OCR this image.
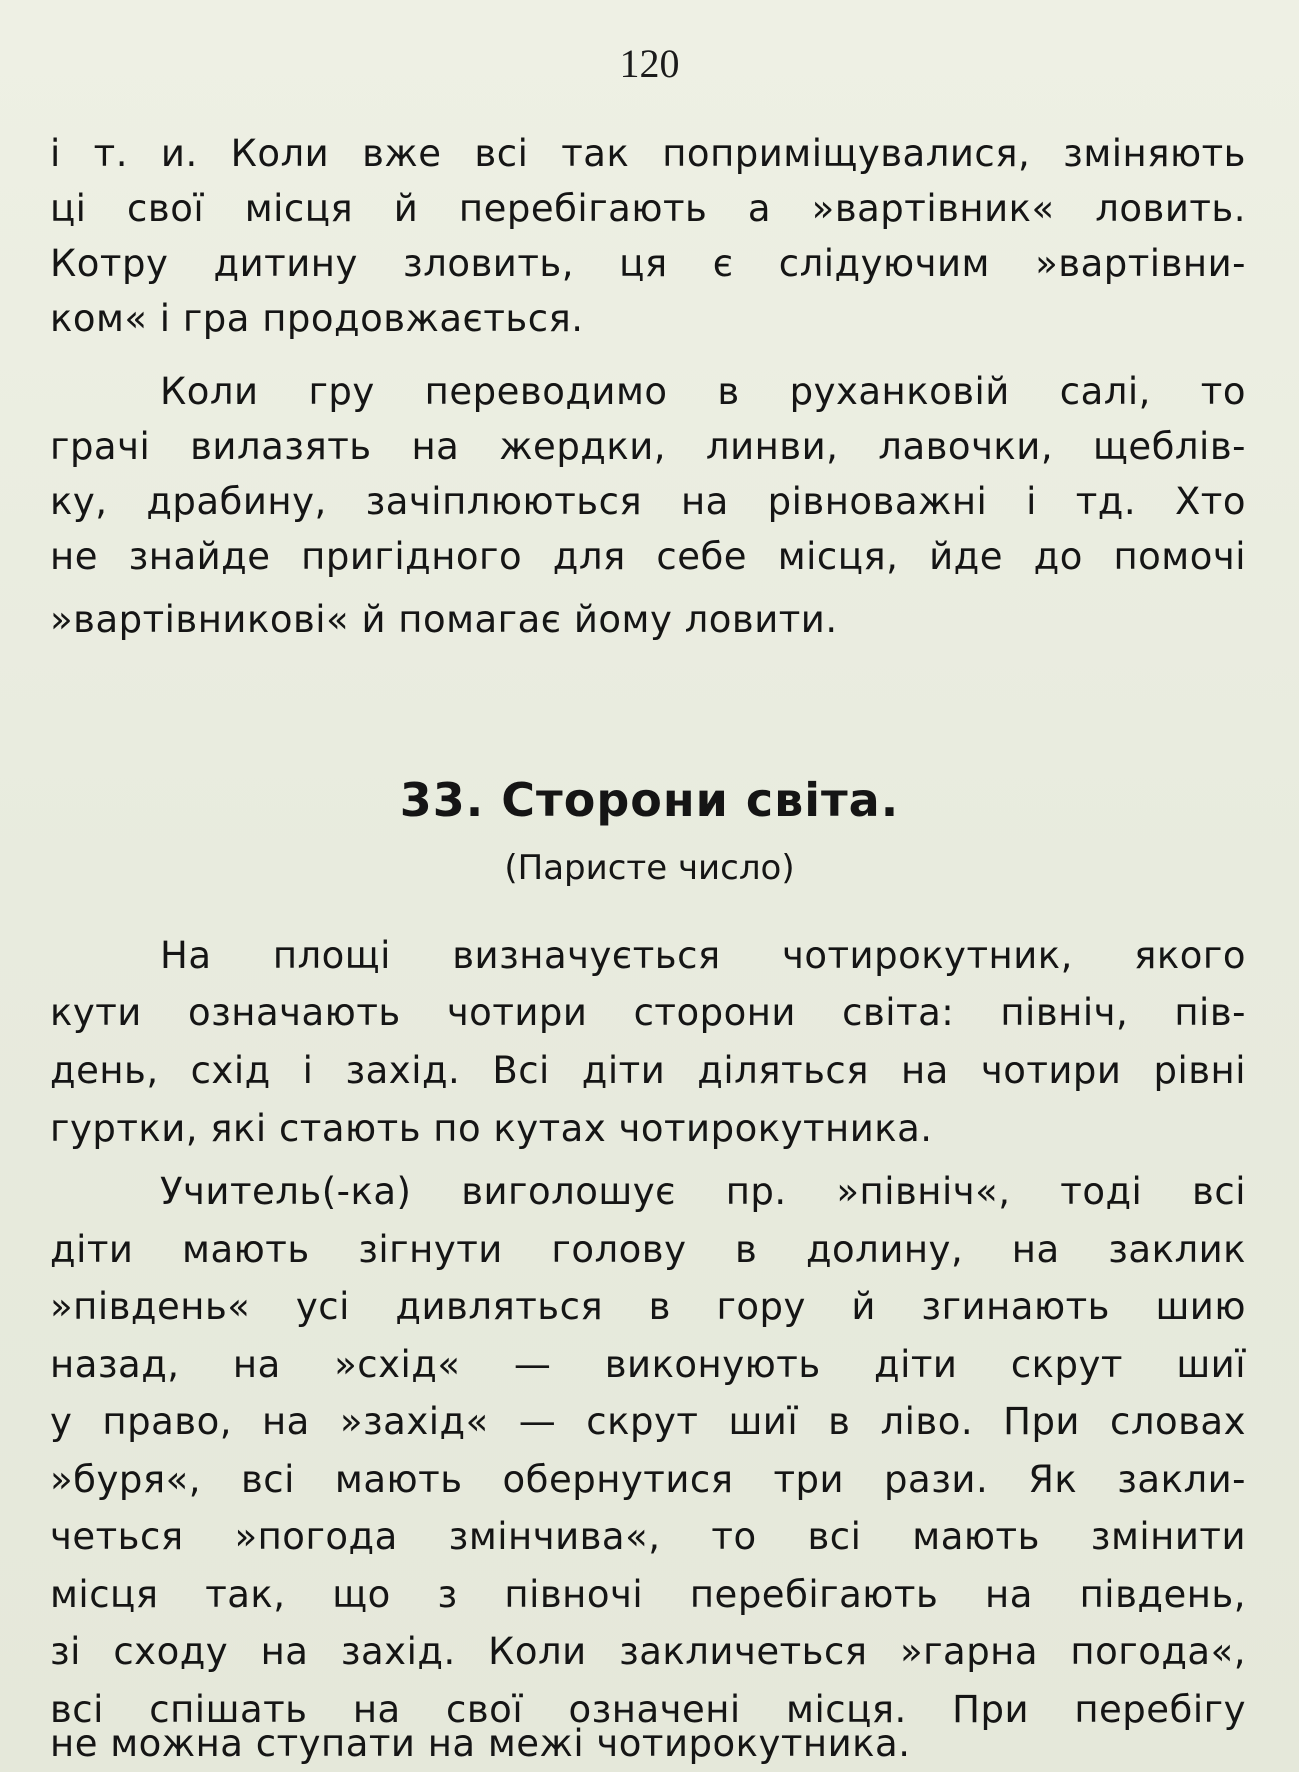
120
і т. и. Коли вже всі так поприміщувалися, зміняють
ці свої місця й перебігають а »вартівник« ловить.
Котру дитину зловить, ця є слідуючим »вартівни-
ком« і гра продовжається.
Коли гру переводимо в руханковій салі, то
грачі вилазять на жердки, линви, лавочки, щеблів-
ку, драбину, зачіплюються на рівноважні і тд. Хто
не знайде пригідного для себе місця, йде до помочі
»вартівникові« й помагає йому ловити.
33. Сторони світа.
(Паристе число)
На площі визначується чотирокутник, якого
кути означають чотири сторони світа: північ, пів-
день, схід і захід. Всі діти діляться на чотири рівні
гуртки, які стають по кутах чотирокутника.
Учитель(-ка) виголошує пр. »північ«, тоді всі
діти мають зігнути голову в долину, на заклик
»південь« усі дивляться в гору й згинають шию
назад, на »схід« — виконують діти скрут шиї
у право, на »захід« — скрут шиї в ліво. При словах
»буря«, всі мають обернутися три рази. Як закли-
четься »погода змінчива«, то всі мають змінити
місця так, що з півночі перебігають на південь,
зі сходу на захід. Коли закличеться »гарна погода«,
всі спішать на свої означені місця. При перебігу
не можна ступати на межі чотирокутника.
